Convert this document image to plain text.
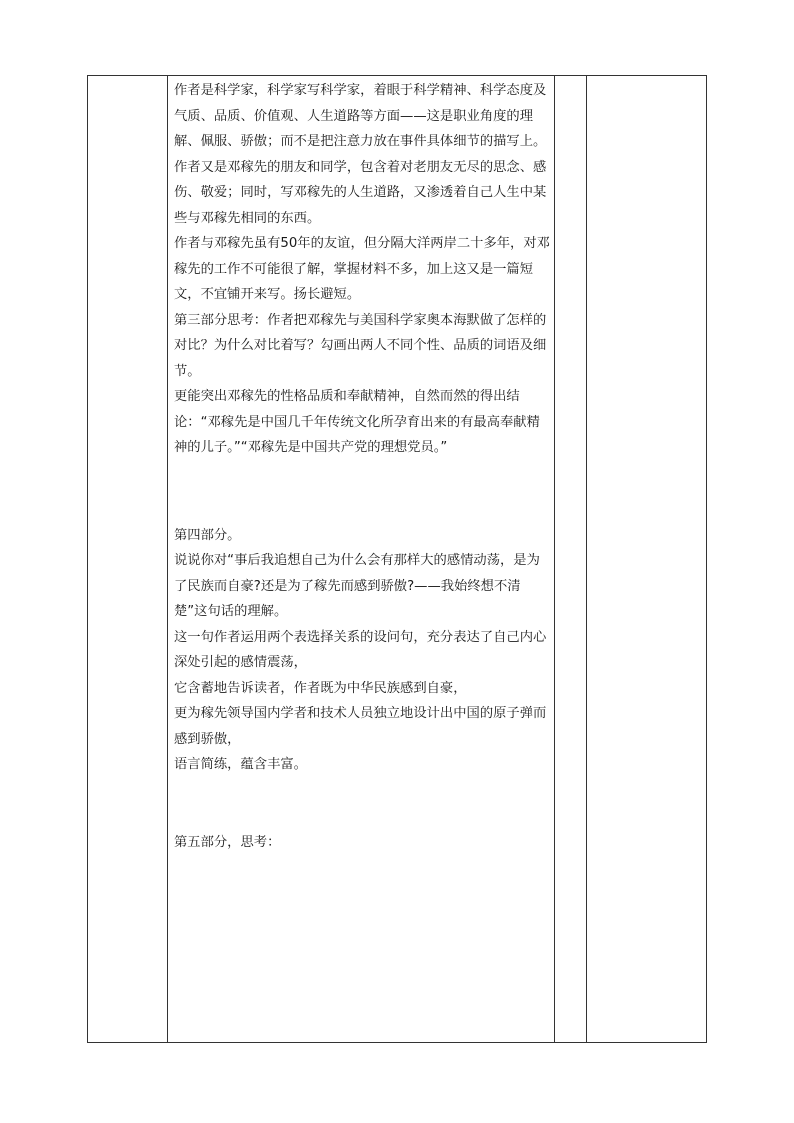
作者是科学家，科学家写科学家，着眼于科学精神、科学态度及气质、品质、价值观、人生道路等方面——这是职业角度的理解、佩服、骄傲；而不是把注意力放在事件具体细节的描写上。

作者又是邓稼先的朋友和同学，包含着对老朋友无尽的思念、感伤、敬爱；同时，写邓稼先的人生道路，又渗透着自己人生中某些与邓稼先相同的东西。

作者与邓稼先虽有50年的友谊，但分隔大洋两岸二十多年，对邓稼先的工作不可能很了解，掌握材料不多，加上这又是一篇短文，不宜铺开来写。扬长避短。

第三部分思考：作者把邓稼先与美国科学家奥本海默做了怎样的对比？为什么对比着写？勾画出两人不同个性、品质的词语及细节。

更能突出邓稼先的性格品质和奉献精神，自然而然的得出结论：“邓稼先是中国几千年传统文化所孕育出来的有最高奉献精神的儿子。”“邓稼先是中国共产党的理想党员。”

第四部分。

说说你对“事后我追想自己为什么会有那样大的感情动荡，是为了民族而自豪?还是为了稼先而感到骄傲?——我始终想不清楚”这句话的理解。

这一句作者运用两个表选择关系的设问句，充分表达了自己内心深处引起的感情震荡，

它含蓄地告诉读者，作者既为中华民族感到自豪，

更为稼先领导国内学者和技术人员独立地设计出中国的原子弹而感到骄傲，

语言简练，蕴含丰富。

第五部分，思考：
